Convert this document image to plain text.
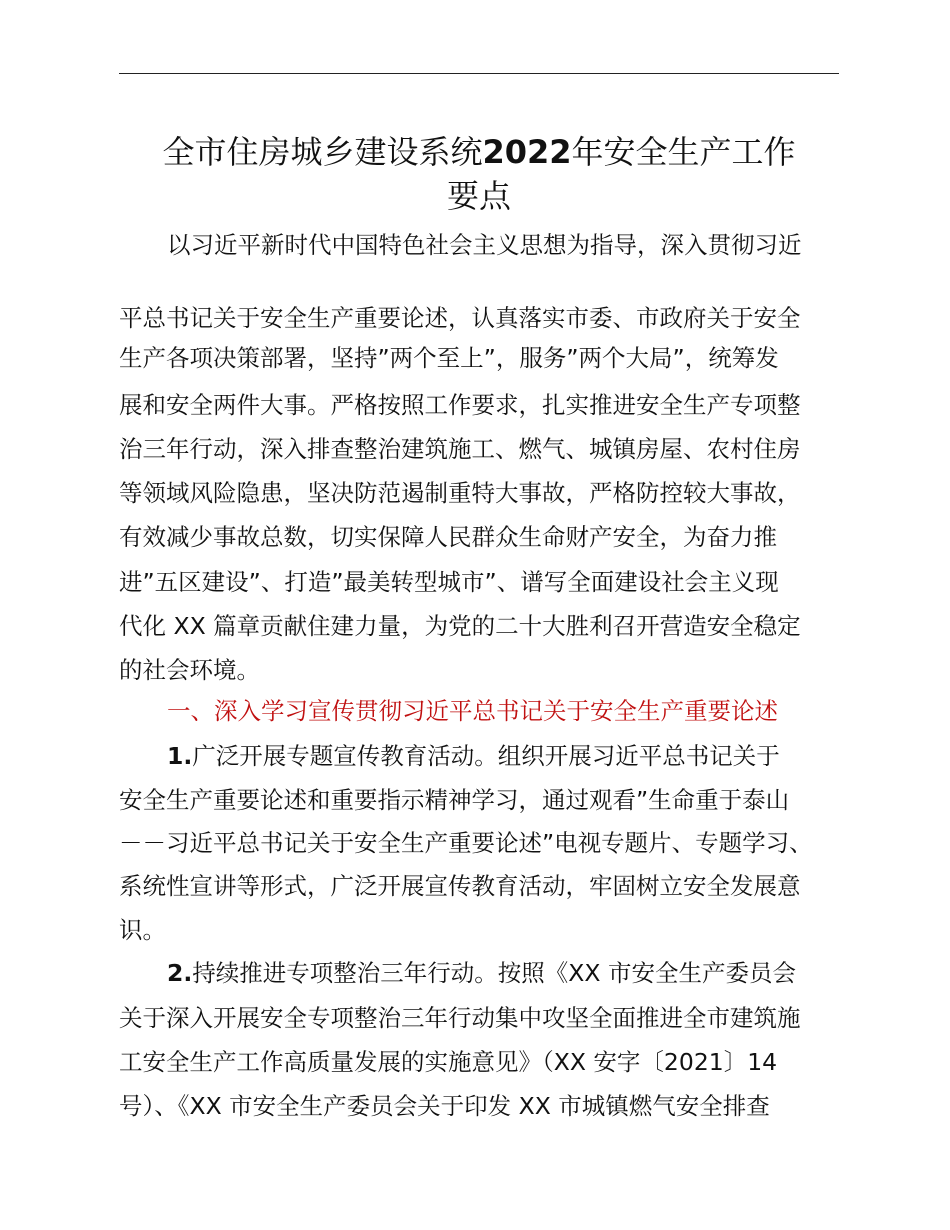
全市住房城乡建设系统2022年安全生产工作
要点
以习近平新时代中国特色社会主义思想为指导，深入贯彻习近
平总书记关于安全生产重要论述，认真落实市委、市政府关于安全
生产各项决策部署，坚持”两个至上”，服务”两个大局”，统筹发
展和安全两件大事。严格按照工作要求，扎实推进安全生产专项整
治三年行动，深入排查整治建筑施工、燃气、城镇房屋、农村住房
等领域风险隐患，坚决防范遏制重特大事故，严格防控较大事故，
有效减少事故总数，切实保障人民群众生命财产安全，为奋力推
进”五区建设”、打造”最美转型城市”、谱写全面建设社会主义现
代化 XX 篇章贡献住建力量，为党的二十大胜利召开营造安全稳定
的社会环境。
一、深入学习宣传贯彻习近平总书记关于安全生产重要论述
1.广泛开展专题宣传教育活动。组织开展习近平总书记关于
安全生产重要论述和重要指示精神学习，通过观看”生命重于泰山
－－习近平总书记关于安全生产重要论述”电视专题片、专题学习、
系统性宣讲等形式，广泛开展宣传教育活动，牢固树立安全发展意
识。
2.持续推进专项整治三年行动。按照《XX 市安全生产委员会
关于深入开展安全专项整治三年行动集中攻坚全面推进全市建筑施
工安全生产工作高质量发展的实施意见》（XX 安字〔2021〕14
号）、《XX 市安全生产委员会关于印发 XX 市城镇燃气安全排查
